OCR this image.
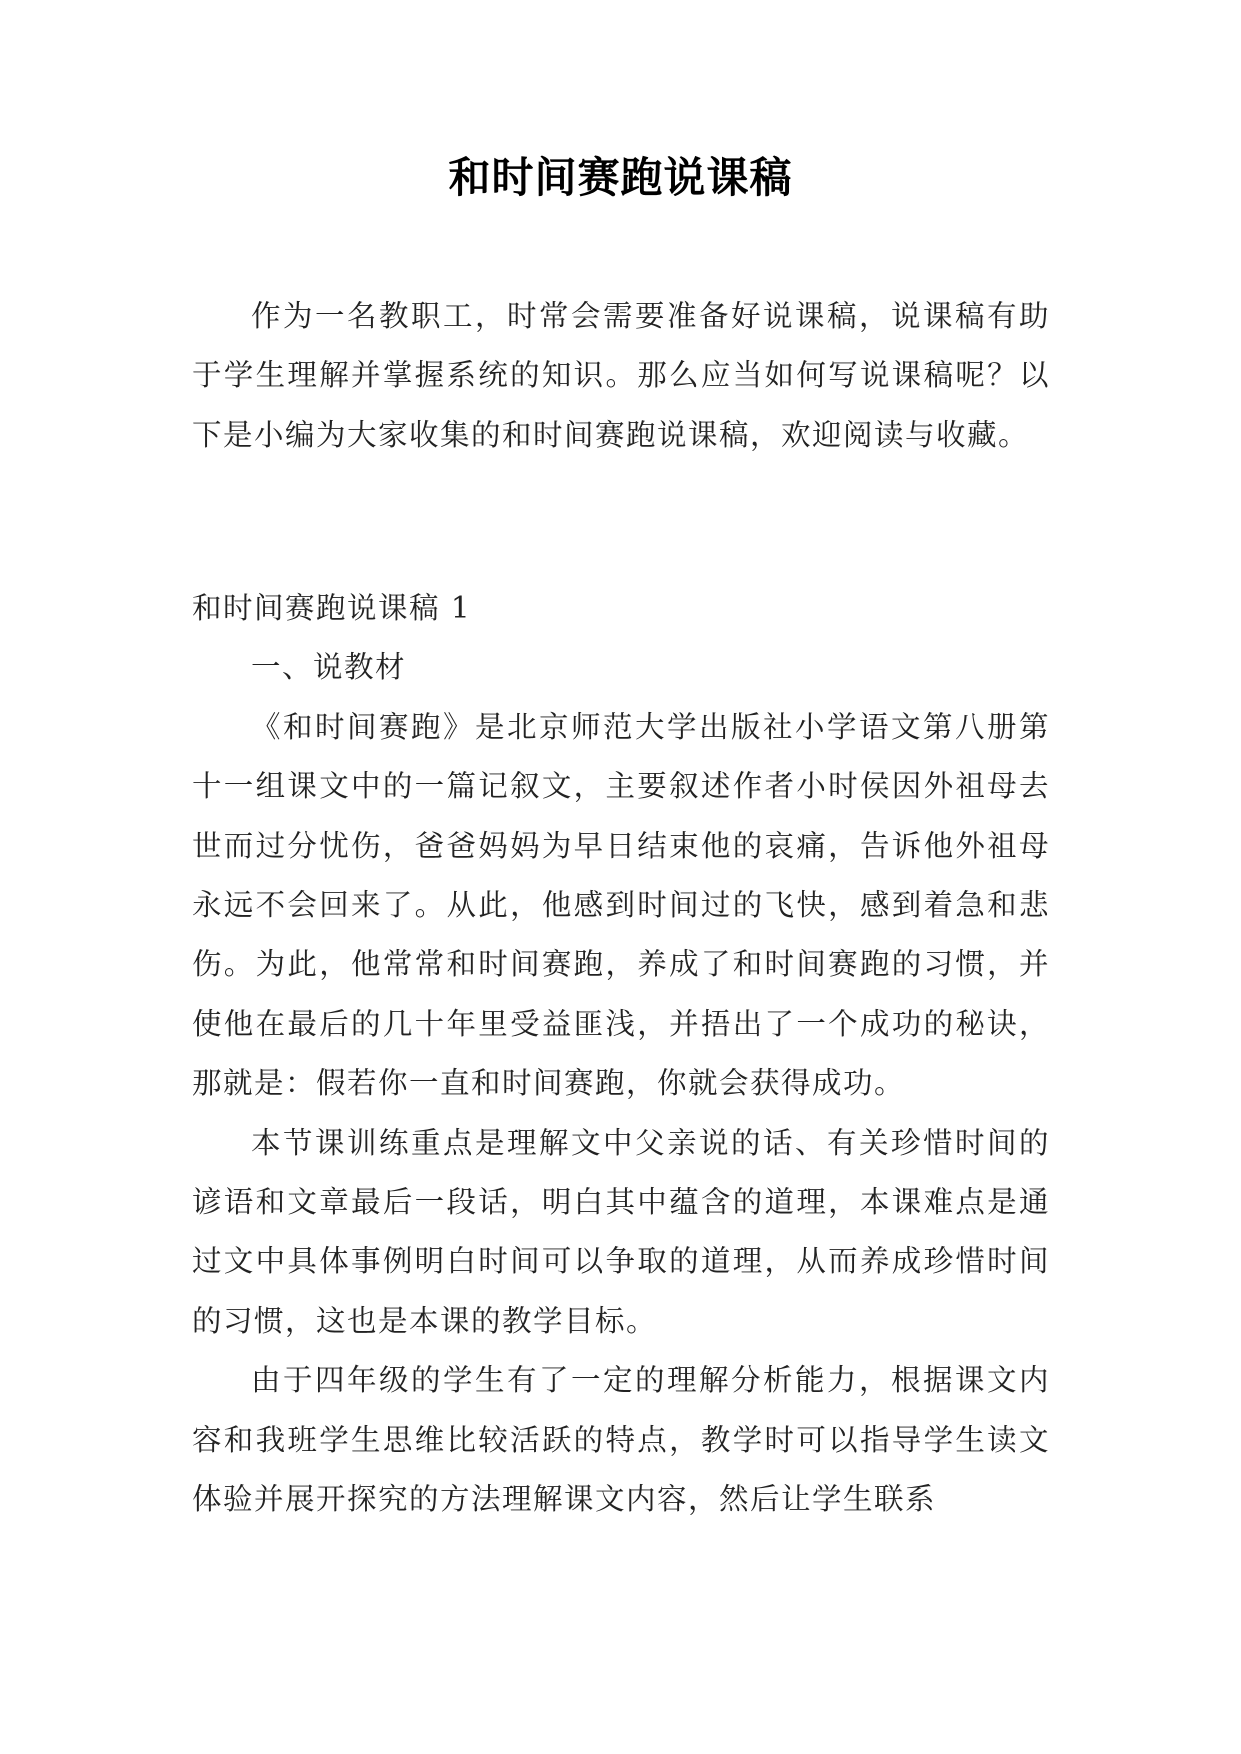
和时间赛跑说课稿

作为一名教职工，时常会需要准备好说课稿，说课稿有助于学生理解并掌握系统的知识。那么应当如何写说课稿呢？以下是小编为大家收集的和时间赛跑说课稿，欢迎阅读与收藏。

和时间赛跑说课稿 1

一、说教材

《和时间赛跑》是北京师范大学出版社小学语文第八册第十一组课文中的一篇记叙文，主要叙述作者小时侯因外祖母去世而过分忧伤，爸爸妈妈为早日结束他的哀痛，告诉他外祖母永远不会回来了。从此，他感到时间过的飞快，感到着急和悲伤。为此，他常常和时间赛跑，养成了和时间赛跑的习惯，并使他在最后的几十年里受益匪浅，并捂出了一个成功的秘诀，那就是：假若你一直和时间赛跑，你就会获得成功。

本节课训练重点是理解文中父亲说的话、有关珍惜时间的谚语和文章最后一段话，明白其中蕴含的道理，本课难点是通过文中具体事例明白时间可以争取的道理，从而养成珍惜时间的习惯，这也是本课的教学目标。

由于四年级的学生有了一定的理解分析能力，根据课文内容和我班学生思维比较活跃的特点，教学时可以指导学生读文体验并展开探究的方法理解课文内容，然后让学生联系
